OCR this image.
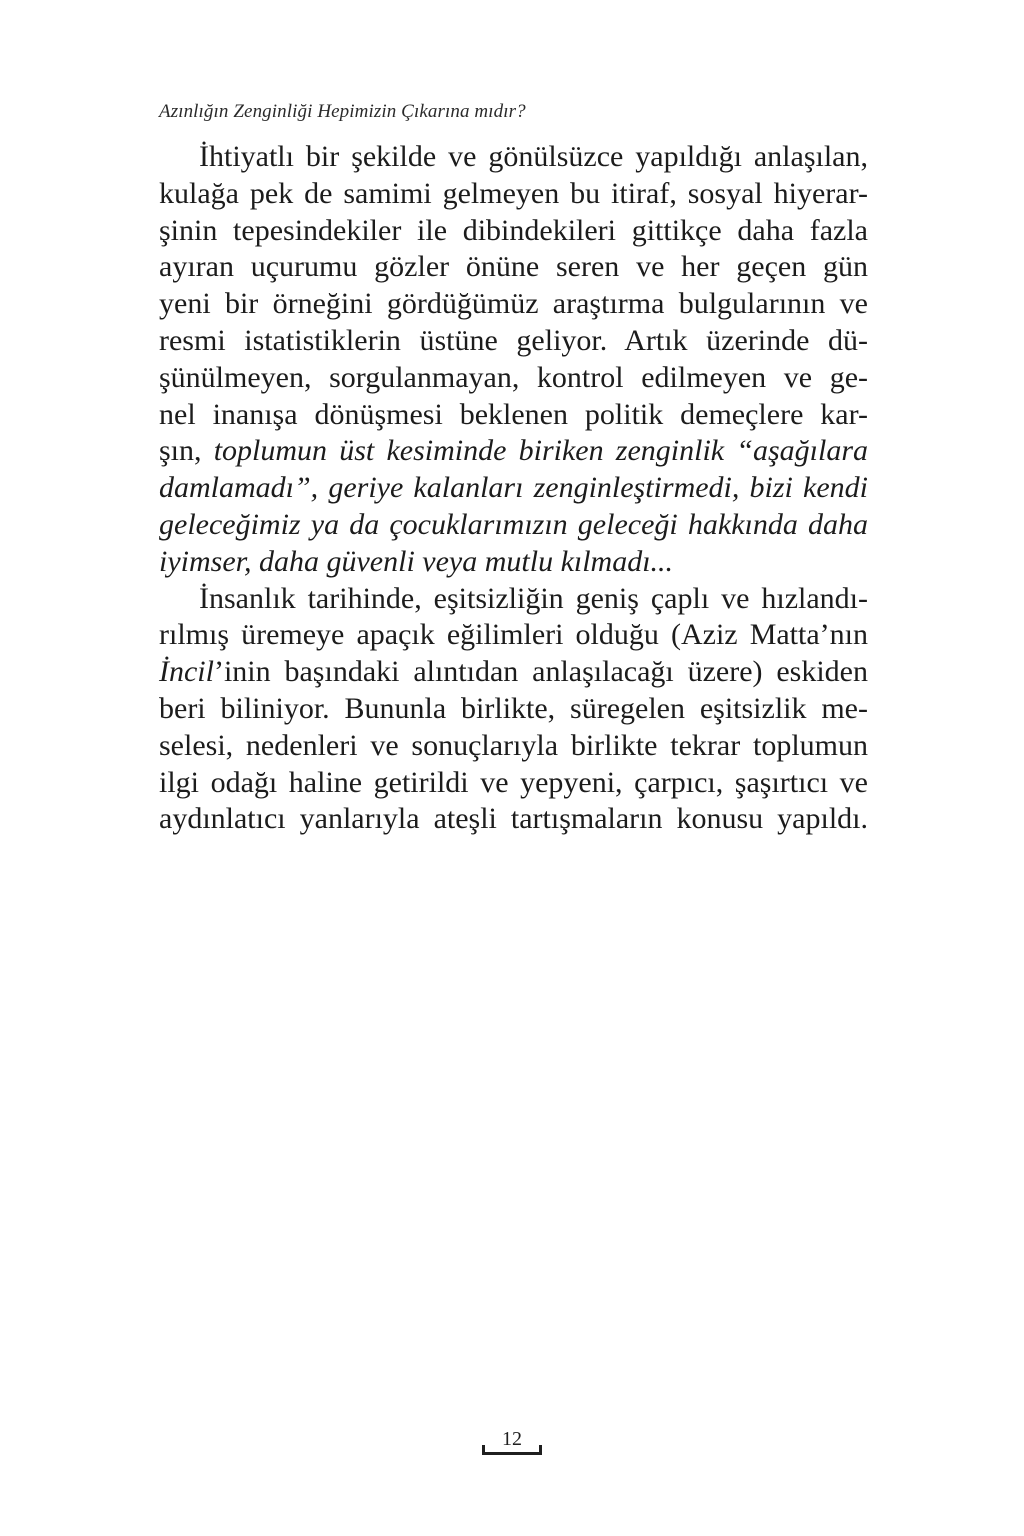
Azınlığın Zenginliği Hepimizin Çıkarına mıdır?
İhtiyatlı bir şekilde ve gönülsüzce yapıldığı anlaşılan,
kulağa pek de samimi gelmeyen bu itiraf, sosyal hiyerar-
şinin tepesindekiler ile dibindekileri gittikçe daha fazla
ayıran uçurumu gözler önüne seren ve her geçen gün
yeni bir örneğini gördüğümüz araştırma bulgularının ve
resmi istatistiklerin üstüne geliyor. Artık üzerinde dü-
şünülmeyen, sorgulanmayan, kontrol edilmeyen ve ge-
nel inanışa dönüşmesi beklenen politik demeçlere kar-
şın, toplumun üst kesiminde biriken zenginlik “aşağılara
damlamadı”, geriye kalanları zenginleştirmedi, bizi kendi
geleceğimiz ya da çocuklarımızın geleceği hakkında daha
iyimser, daha güvenli veya mutlu kılmadı...
İnsanlık tarihinde, eşitsizliğin geniş çaplı ve hızlandı-
rılmış üremeye apaçık eğilimleri olduğu (Aziz Matta’nın
İncil’inin başındaki alıntıdan anlaşılacağı üzere) eskiden
beri biliniyor. Bununla birlikte, süregelen eşitsizlik me-
selesi, nedenleri ve sonuçlarıyla birlikte tekrar toplumun
ilgi odağı haline getirildi ve yepyeni, çarpıcı, şaşırtıcı ve
aydınlatıcı yanlarıyla ateşli tartışmaların konusu yapıldı.
12
